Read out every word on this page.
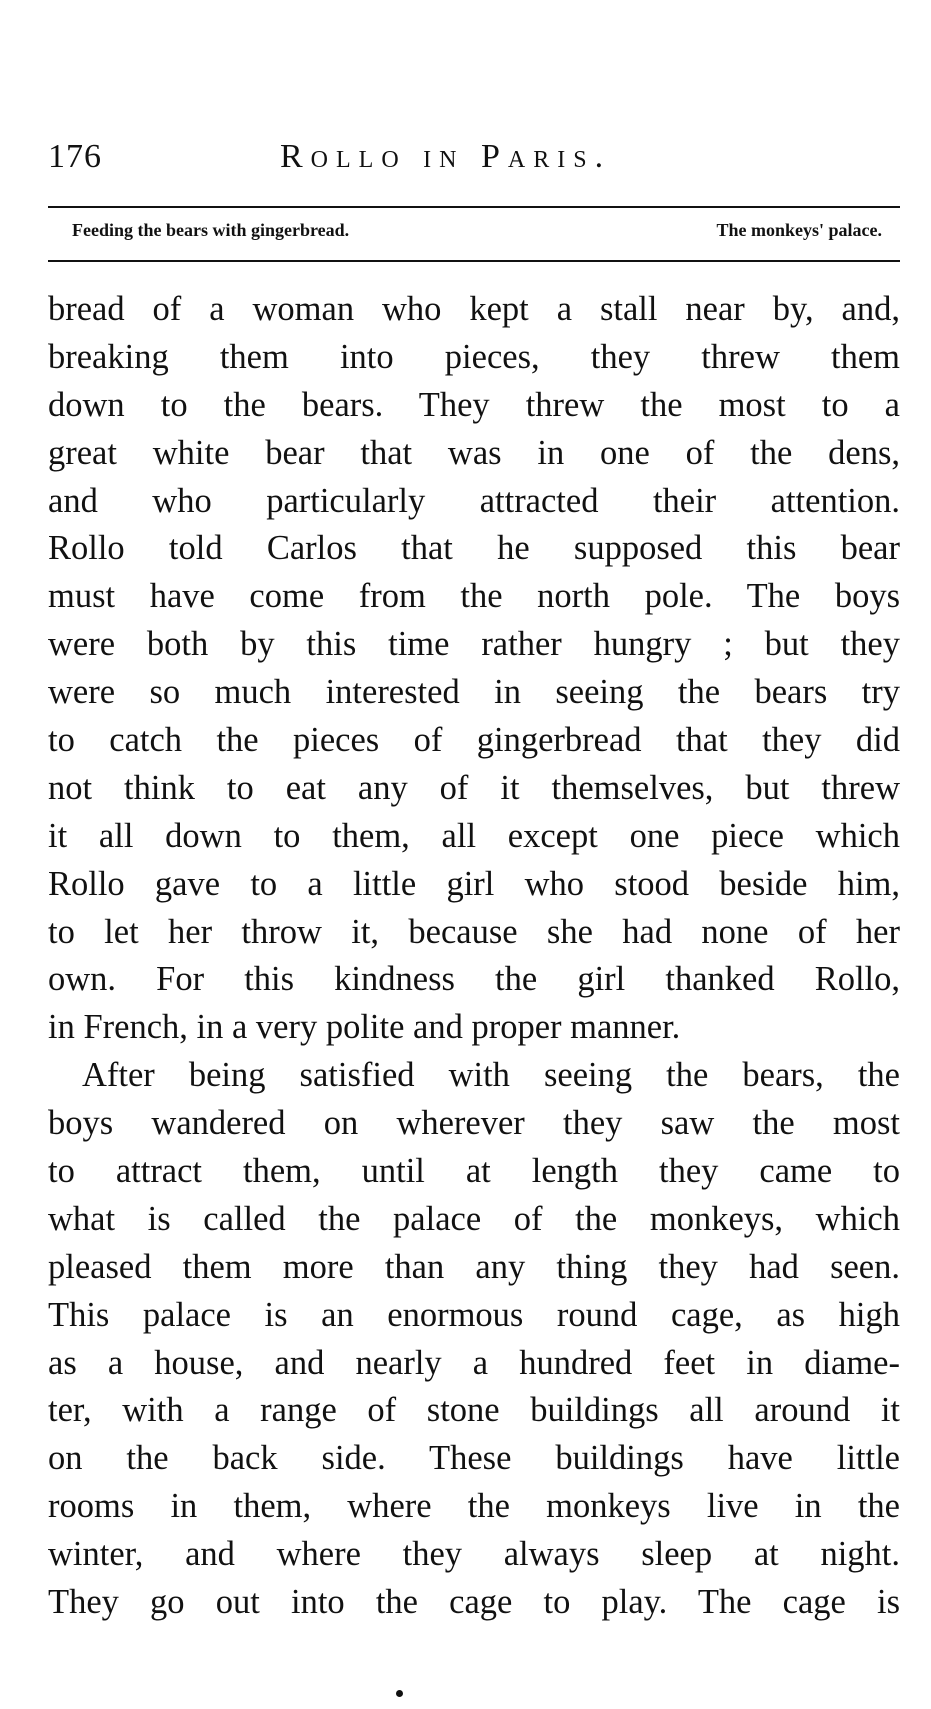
176	Rollo in Paris.
Feeding the bears with gingerbread.	The monkeys' palace.
bread of a woman who kept a stall near by, and,
breaking them into pieces, they threw them
down to the bears. They threw the most to a
great white bear that was in one of the dens,
and who particularly attracted their attention.
Rollo told Carlos that he supposed this bear
must have come from the north pole. The boys
were both by this time rather hungry ; but they
were so much interested in seeing the bears try
to catch the pieces of gingerbread that they did
not think to eat any of it themselves, but threw
it all down to them, all except one piece which
Rollo gave to a little girl who stood beside him,
to let her throw it, because she had none of her
own. For this kindness the girl thanked Rollo,
in French, in a very polite and proper manner.
After being satisfied with seeing the bears, the
boys wandered on wherever they saw the most
to attract them, until at length they came to
what is called the palace of the monkeys, which
pleased them more than any thing they had seen.
This palace is an enormous round cage, as high
as a house, and nearly a hundred feet in diame-
ter, with a range of stone buildings all around it
on the back side. These buildings have little
rooms in them, where the monkeys live in the
winter, and where they always sleep at night.
They go out into the cage to play. The cage is
